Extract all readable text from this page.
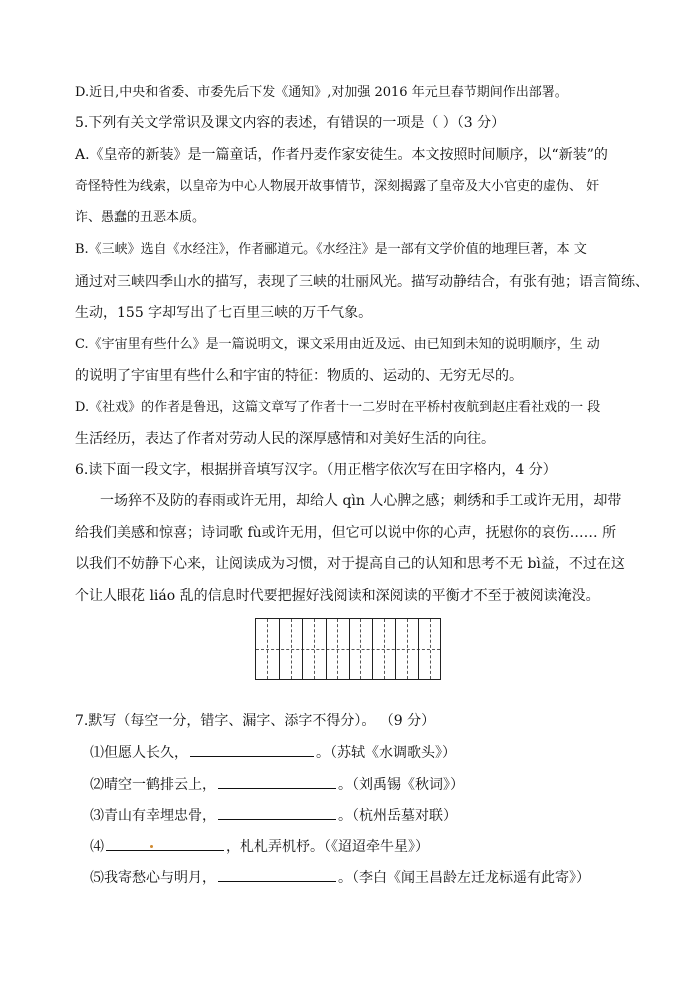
D.近日,中央和省委、市委先后下发《通知》,对加强 2016 年元旦春节期间作出部署。
5.下列有关文学常识及课文内容的表述，有错误的一项是（ ）（3 分）
A.《皇帝的新装》是一篇童话，作者丹麦作家安徒生。本文按照时间顺序，以“新装”的
奇怪特性为线索，以皇帝为中心人物展开故事情节，深刻揭露了皇帝及大小官吏的虚伪、 奸
诈、愚蠢的丑恶本质。
B.《三峡》选自《水经注》，作者郦道元。《水经注》是一部有文学价值的地理巨著，本 文
通过对三峡四季山水的描写，表现了三峡的壮丽风光。描写动静结合，有张有弛；语言简练、
生动，155 字却写出了七百里三峡的万千气象。
C.《宇宙里有些什么》是一篇说明文，课文采用由近及远、由已知到未知的说明顺序，生 动
的说明了宇宙里有些什么和宇宙的特征：物质的、运动的、无穷无尽的。
D.《社戏》的作者是鲁迅，这篇文章写了作者十一二岁时在平桥村夜航到赵庄看社戏的一 段
生活经历，表达了作者对劳动人民的深厚感情和对美好生活的向往。
6.读下面一段文字，根据拼音填写汉字。（用正楷字依次写在田字格内，4 分）
一场猝不及防的春雨或许无用，却给人 qìn 人心脾之感；刺绣和手工或许无用，却带
给我们美感和惊喜；诗词歌 fù或许无用，但它可以说中你的心声，抚慰你的哀伤…… 所
以我们不妨静下心来，让阅读成为习惯，对于提高自己的认知和思考不无 bì益，不过在这
个让人眼花 liáo 乱的信息时代要把握好浅阅读和深阅读的平衡才不至于被阅读淹没。
7.默写（每空一分，错字、漏字、添字不得分）。 （9 分）
⑴但愿人长久，	。（苏轼《水调歌头》）
⑵晴空一鹤排云上，	。（刘禹锡《秋词》）
⑶青山有幸埋忠骨，	。（杭州岳墓对联）
⑷	，札札弄机杼。（《迢迢牵牛星》）
⑸我寄愁心与明月，	。（李白《闻王昌龄左迁龙标遥有此寄》）
